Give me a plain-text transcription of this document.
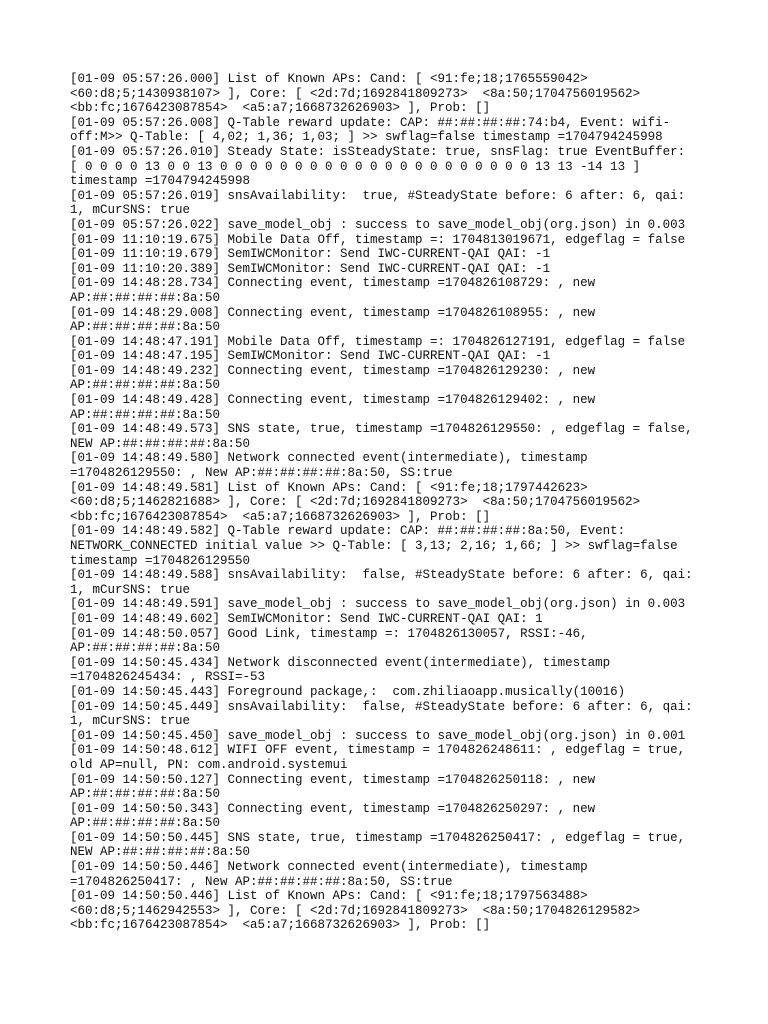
[01-09 05:57:26.000] List of Known APs: Cand: [ <91:fe;18;1765559042>
<60:d8;5;1430938107> ], Core: [ <2d:7d;1692841809273>  <8a:50;1704756019562>
<bb:fc;1676423087854>  <a5:a7;1668732626903> ], Prob: []
[01-09 05:57:26.008] Q-Table reward update: CAP: ##:##:##:##:74:b4, Event: wifi-
off:M>> Q-Table: [ 4,02; 1,36; 1,03; ] >> swflag=false timestamp =1704794245998
[01-09 05:57:26.010] Steady State: isSteadyState: true, snsFlag: true EventBuffer:
[ 0 0 0 0 13 0 0 13 0 0 0 0 0 0 0 0 0 0 0 0 0 0 0 0 0 0 0 0 0 13 13 -14 13 ]
timestamp =1704794245998
[01-09 05:57:26.019] snsAvailability:  true, #SteadyState before: 6 after: 6, qai:
1, mCurSNS: true
[01-09 05:57:26.022] save_model_obj : success to save_model_obj(org.json) in 0.003
[01-09 11:10:19.675] Mobile Data Off, timestamp =: 1704813019671, edgeflag = false
[01-09 11:10:19.679] SemIWCMonitor: Send IWC-CURRENT-QAI QAI: -1
[01-09 11:10:20.389] SemIWCMonitor: Send IWC-CURRENT-QAI QAI: -1
[01-09 14:48:28.734] Connecting event, timestamp =1704826108729: , new
AP:##:##:##:##:8a:50
[01-09 14:48:29.008] Connecting event, timestamp =1704826108955: , new
AP:##:##:##:##:8a:50
[01-09 14:48:47.191] Mobile Data Off, timestamp =: 1704826127191, edgeflag = false
[01-09 14:48:47.195] SemIWCMonitor: Send IWC-CURRENT-QAI QAI: -1
[01-09 14:48:49.232] Connecting event, timestamp =1704826129230: , new
AP:##:##:##:##:8a:50
[01-09 14:48:49.428] Connecting event, timestamp =1704826129402: , new
AP:##:##:##:##:8a:50
[01-09 14:48:49.573] SNS state, true, timestamp =1704826129550: , edgeflag = false,
NEW AP:##:##:##:##:8a:50
[01-09 14:48:49.580] Network connected event(intermediate), timestamp
=1704826129550: , New AP:##:##:##:##:8a:50, SS:true
[01-09 14:48:49.581] List of Known APs: Cand: [ <91:fe;18;1797442623>
<60:d8;5;1462821688> ], Core: [ <2d:7d;1692841809273>  <8a:50;1704756019562>
<bb:fc;1676423087854>  <a5:a7;1668732626903> ], Prob: []
[01-09 14:48:49.582] Q-Table reward update: CAP: ##:##:##:##:8a:50, Event:
NETWORK_CONNECTED initial value >> Q-Table: [ 3,13; 2,16; 1,66; ] >> swflag=false
timestamp =1704826129550
[01-09 14:48:49.588] snsAvailability:  false, #SteadyState before: 6 after: 6, qai:
1, mCurSNS: true
[01-09 14:48:49.591] save_model_obj : success to save_model_obj(org.json) in 0.003
[01-09 14:48:49.602] SemIWCMonitor: Send IWC-CURRENT-QAI QAI: 1
[01-09 14:48:50.057] Good Link, timestamp =: 1704826130057, RSSI:-46,
AP:##:##:##:##:8a:50
[01-09 14:50:45.434] Network disconnected event(intermediate), timestamp
=1704826245434: , RSSI=-53
[01-09 14:50:45.443] Foreground package,:  com.zhiliaoapp.musically(10016)
[01-09 14:50:45.449] snsAvailability:  false, #SteadyState before: 6 after: 6, qai:
1, mCurSNS: true
[01-09 14:50:45.450] save_model_obj : success to save_model_obj(org.json) in 0.001
[01-09 14:50:48.612] WIFI OFF event, timestamp = 1704826248611: , edgeflag = true,
old AP=null, PN: com.android.systemui
[01-09 14:50:50.127] Connecting event, timestamp =1704826250118: , new
AP:##:##:##:##:8a:50
[01-09 14:50:50.343] Connecting event, timestamp =1704826250297: , new
AP:##:##:##:##:8a:50
[01-09 14:50:50.445] SNS state, true, timestamp =1704826250417: , edgeflag = true,
NEW AP:##:##:##:##:8a:50
[01-09 14:50:50.446] Network connected event(intermediate), timestamp
=1704826250417: , New AP:##:##:##:##:8a:50, SS:true
[01-09 14:50:50.446] List of Known APs: Cand: [ <91:fe;18;1797563488>
<60:d8;5;1462942553> ], Core: [ <2d:7d;1692841809273>  <8a:50;1704826129582>
<bb:fc;1676423087854>  <a5:a7;1668732626903> ], Prob: []
